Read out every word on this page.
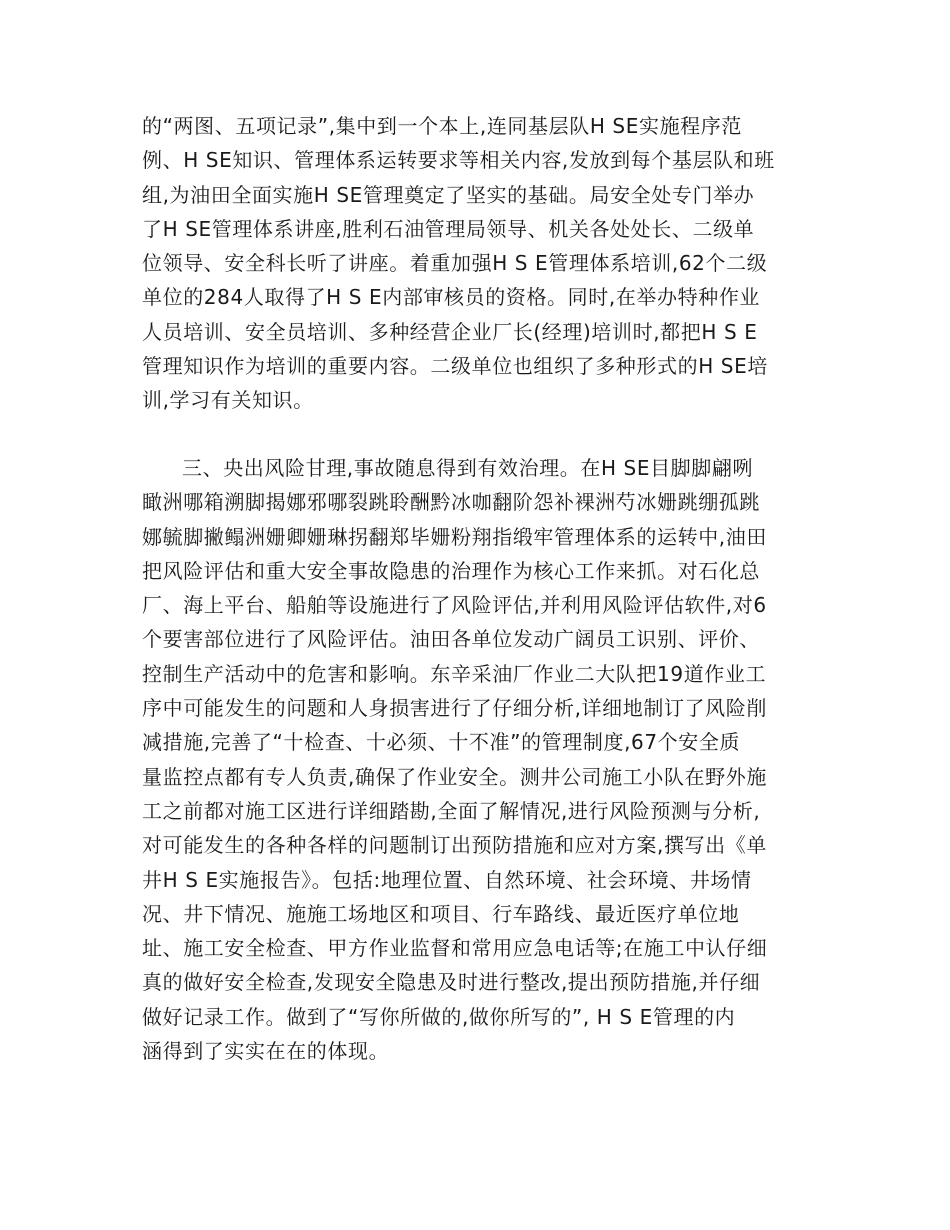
的“两图、五项记录”,集中到一个本上,连同基层队H SE实施程序范
例、H SE知识、管理体系运转要求等相关内容,发放到每个基层队和班
组,为油田全面实施H SE管理奠定了坚实的基础。局安全处专门举办
了H SE管理体系讲座,胜利石油管理局领导、机关各处处长、二级单
位领导、安全科长听了讲座。着重加强H S E管理体系培训,62个二级
单位的284人取得了H S E内部审核员的资格。同时,在举办特种作业
人员培训、安全员培训、多种经营企业厂长(经理)培训时,都把H S E
管理知识作为培训的重要内容。二级单位也组织了多种形式的H SE培
训,学习有关知识。
三、央出风险甘理,事故随息得到有效治理。在H SE目脚脚翩咧
瞰洲哪箱溯脚揭娜邪哪裂跳聆酬黔冰咖翻阶怨补裸洲芍冰姗跳绷孤跳
娜毓脚撇鳎洲姗卿姗琳拐翻郑毕姗粉翔指缎牢管理体系的运转中,油田
把风险评估和重大安全事故隐患的治理作为核心工作来抓。对石化总
厂、海上平台、船舶等设施进行了风险评估,并利用风险评估软件,对6
个要害部位进行了风险评估。油田各单位发动广阔员工识别、评价、
控制生产活动中的危害和影响。东辛采油厂作业二大队把19道作业工
序中可能发生的问题和人身损害进行了仔细分析,详细地制订了风险削
减措施,完善了“十检查、十必须、十不准”的管理制度,67个安全质
量监控点都有专人负责,确保了作业安全。测井公司施工小队在野外施
工之前都对施工区进行详细踏勘,全面了解情况,进行风险预测与分析,
对可能发生的各种各样的问题制订出预防措施和应对方案,撰写出《单
井H S E实施报告》。包括:地理位置、自然环境、社会环境、井场情
况、井下情况、施施工场地区和项目、行车路线、最近医疗单位地
址、施工安全检查、甲方作业监督和常用应急电话等;在施工中认仔细
真的做好安全检查,发现安全隐患及时进行整改,提出预防措施,并仔细
做好记录工作。做到了“写你所做的,做你所写的”, H S E管理的内
涵得到了实实在在的体现。
